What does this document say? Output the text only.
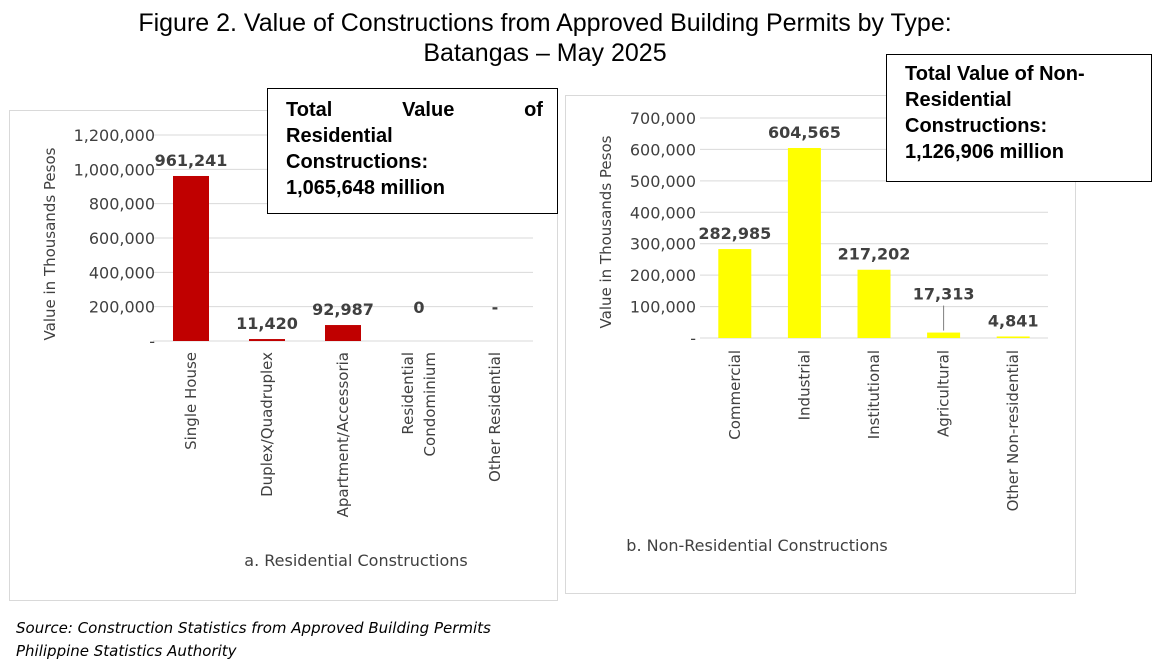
Figure 2. Value of Constructions from Approved Building Permits by Type:
Batangas – May 2025
-
200,000
400,000
600,000
800,000
1,000,000
1,200,000
Value in Thousands Pesos	961,241
Single House
11,420
Duplex/Quadruplex
92,987
Apartment/Accessoria
0
Residential Condominium
-
Other Residential
a. Residential Constructions
-
100,000
200,000
300,000
400,000
500,000
600,000
700,000
Value in Thousands Pesos	282,985
Commercial
604,565
Industrial
217,202
Institutional
17,313
Agricultural
4,841
Other Non-residential
b. Non-Residential Constructions
Total	Value	of
Residential
Constructions:
1,065,648 million
Total Value of Non-
Residential
Constructions:
1,126,906 million
Source: Construction Statistics from Approved Building Permits
Philippine Statistics Authority
